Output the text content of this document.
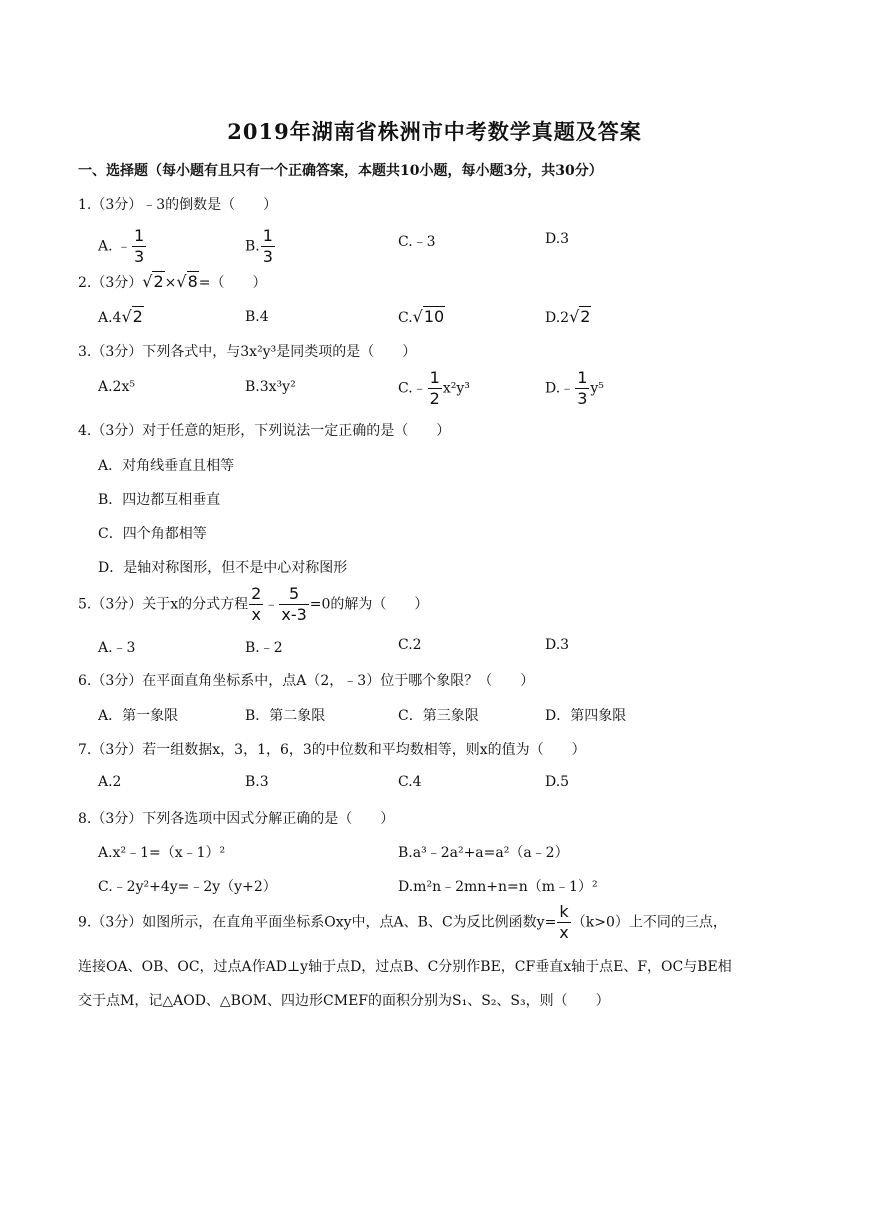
2019年湖南省株洲市中考数学真题及答案
一、选择题（每小题有且只有一个正确答案，本题共10小题，每小题3分，共30分）
1.（3分）﹣3的倒数是（　　）
A. ﹣ $\frac{1}{3}$	B. $\frac{1}{3}$	C.﹣3	D.3
2.（3分）√2×√8=（　　）
A.4√2	B.4	C.√10	D.2√2
3.（3分）下列各式中，与3x²y³是同类项的是（　　）
A.2x⁵	B.3x³y²	C.﹣ $\frac{1}{2} x^2y^3$	D.﹣ $\frac{1}{3} y^5$
4.（3分）对于任意的矩形，下列说法一定正确的是（　　）
A．对角线垂直且相等
B．四边都互相垂直
C．四个角都相等
D．是轴对称图形，但不是中心对称图形
5.（3分）关于x的分式方程 $\frac{2}{x}$ ﹣ $\frac{5}{x-3} =0$的解为（　　）
A.﹣3	B.﹣2	C.2	D.3
6.（3分）在平面直角坐标系中，点A（2，﹣3）位于哪个象限？（　　）
A．第一象限	B．第二象限	C．第三象限	D．第四象限
7.（3分）若一组数据x，3，1，6，3的中位数和平均数相等，则x的值为（　　）
A.2	B.3	C.4	D.5
8.（3分）下列各选项中因式分解正确的是（　　）
A.x²﹣1=（x﹣1）²	B.a³﹣2a²+a=a²（a﹣2）
C.﹣2y²+4y=﹣2y（y+2）	D.m²n﹣2mn+n=n（m﹣1）²
9.（3分）如图所示，在直角平面坐标系Oxy中，点A、B、C为反比例函数$y= \frac{k}{x} (k>0)$上不同的三点，
连接OA、OB、OC，过点A作AD⊥y轴于点D，过点B、C分别作BE，CF垂直x轴于点E、F，OC与BE相
交于点M，记△AOD、△BOM、四边形CMEF的面积分别为S₁、S₂、S₃，则（　　）
